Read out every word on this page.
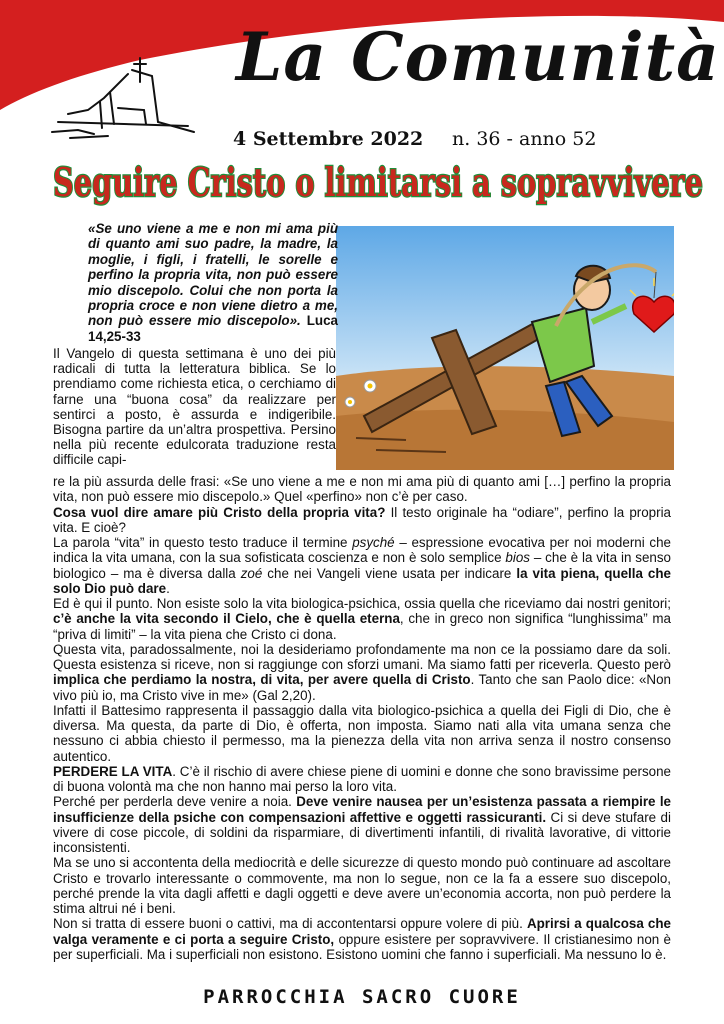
La Comunità
4 Settembre 2022 n. 36 - anno 52
Seguire Cristo o limitarsi a sopravvivere

«Se uno viene a me e non mi ama più di quanto ami suo padre, la madre, la moglie, i figli, i fratelli, le sorelle e perfino la propria vita, non può essere mio discepolo. Colui che non porta la propria croce e non viene dietro a me, non può essere mio discepolo». Luca 14,25-33

Il Vangelo di questa settimana è uno dei più radicali di tutta la letteratura biblica. Se lo prendiamo come richiesta etica, o cerchiamo di farne una “buona cosa” da realizzare per sentirci a posto, è assurda e indigeribile. Bisogna partire da un’altra prospettiva. Persino nella più recente edulcorata traduzione resta difficile capi-

re la più assurda delle frasi: «Se uno viene a me e non mi ama più di quanto ami […] perfino la propria vita, non può essere mio discepolo.» Quel «perfino» non c’è per caso.
Cosa vuol dire amare più Cristo della propria vita? Il testo originale ha “odiare”, perfino la propria vita. E cioè?
La parola “vita” in questo testo traduce il termine psyché – espressione evocativa per noi moderni che indica la vita umana, con la sua sofisticata coscienza e non è solo semplice bios – che è la vita in senso biologico – ma è diversa dalla zoé che nei Vangeli viene usata per indicare la vita piena, quella che solo Dio può dare.
Ed è qui il punto. Non esiste solo la vita biologica-psichica, ossia quella che riceviamo dai nostri genitori; c’è anche la vita secondo il Cielo, che è quella eterna, che in greco non significa “lunghissima” ma “priva di limiti” – la vita piena che Cristo ci dona.
Questa vita, paradossalmente, noi la desideriamo profondamente ma non ce la possiamo dare da soli. Questa esistenza si riceve, non si raggiunge con sforzi umani. Ma siamo fatti per riceverla. Questo però implica che perdiamo la nostra, di vita, per avere quella di Cristo. Tanto che san Paolo dice: «Non vivo più io, ma Cristo vive in me» (Gal 2,20).
Infatti il Battesimo rappresenta il passaggio dalla vita biologico-psichica a quella dei Figli di Dio, che è diversa. Ma questa, da parte di Dio, è offerta, non imposta. Siamo nati alla vita umana senza che nessuno ci abbia chiesto il permesso, ma la pienezza della vita non arriva senza il nostro consenso autentico.
PERDERE LA VITA. C’è il rischio di avere chiese piene di uomini e donne che sono bravissime persone di buona volontà ma che non hanno mai perso la loro vita.
Perché per perderla deve venire a noia. Deve venire nausea per un’esistenza passata a riempire le insufficienze della psiche con compensazioni affettive e oggetti rassicuranti. Ci si deve stufare di vivere di cose piccole, di soldini da risparmiare, di divertimenti infantili, di rivalità lavorative, di vittorie inconsistenti.
Ma se uno si accontenta della mediocrità e delle sicurezze di questo mondo può continuare ad ascoltare Cristo e trovarlo interessante o commovente, ma non lo segue, non ce la fa a essere suo discepolo, perché prende la vita dagli affetti e dagli oggetti e deve avere un’economia accorta, non può perdere la stima altrui né i beni.
Non si tratta di essere buoni o cattivi, ma di accontentarsi oppure volere di più. Aprirsi a qualcosa che valga veramente e ci porta a seguire Cristo, oppure esistere per sopravvivere. Il cristianesimo non è per superficiali. Ma i superficiali non esistono. Esistono uomini che fanno i superficiali. Ma nessuno lo è.
PARROCCHIA SACRO CUORE
